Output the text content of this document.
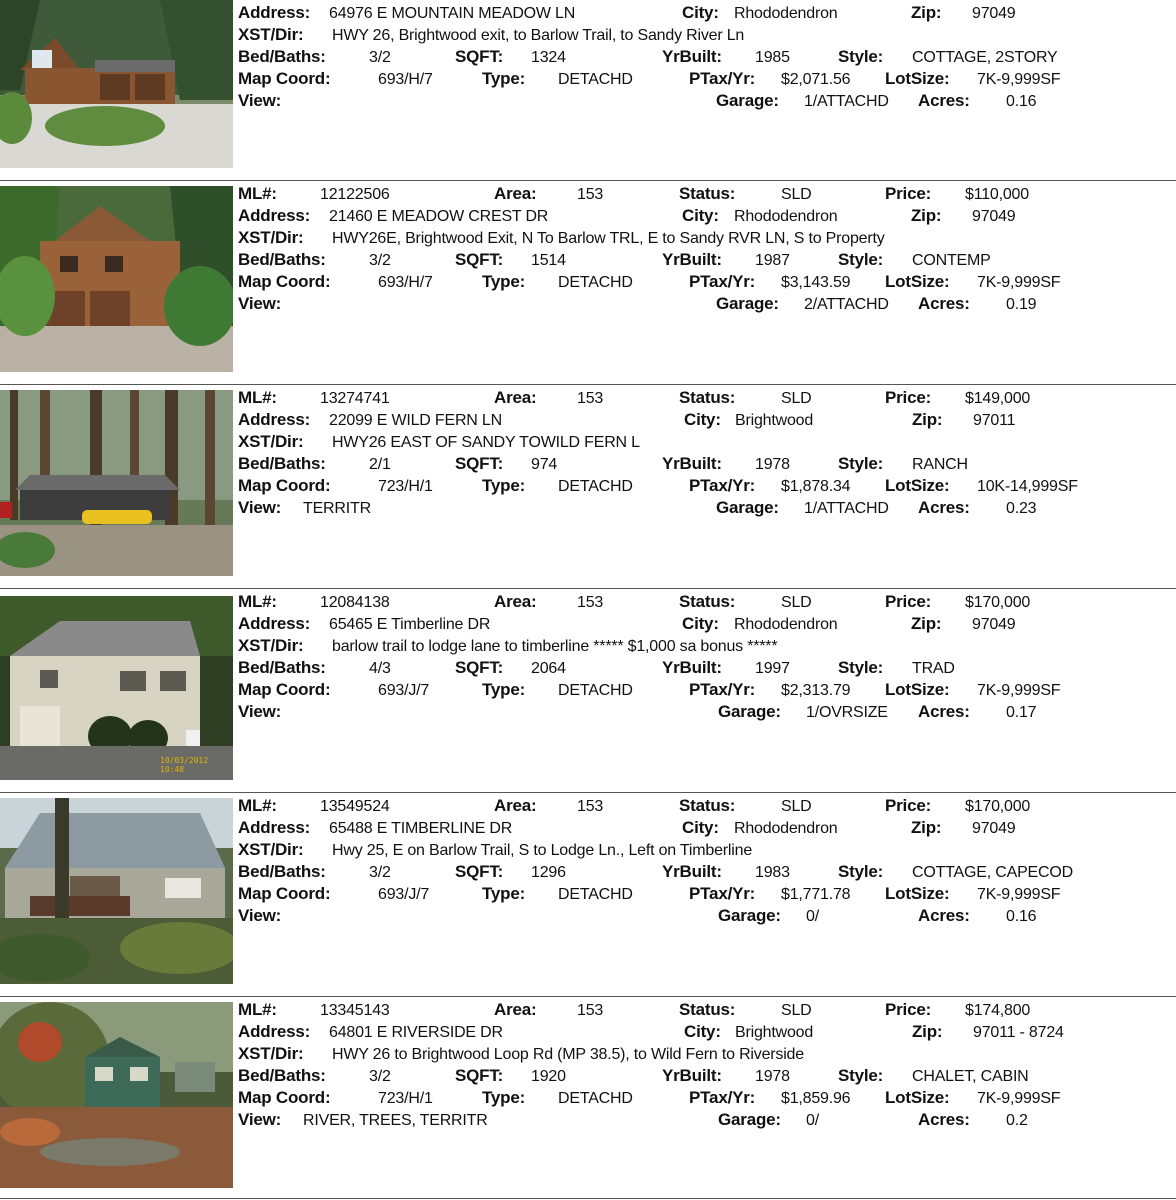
Address: 64976 E MOUNTAIN MEADOW LN	City: Rhododendron	Zip: 97049
XST/Dir: HWY 26, Brightwood exit, to Barlow Trail, to Sandy River Ln
Bed/Baths:	3/2	SQFT: 1324	YrBuilt: 1985	Style: COTTAGE, 2STORY
Map Coord:	693/H/7	Type: DETACHD	PTax/Yr: $2,071.56 LotSize: 7K-9,999SF
View:	Garage: 1/ATTACHD Acres: 0.16
ML#:	12122506	Area:	153	Status:	SLD	Price: $110,000
Address: 21460 E MEADOW CREST DR	City: Rhododendron	Zip: 97049
XST/Dir: HWY26E, Brightwood Exit, N To Barlow TRL, E to Sandy RVR LN, S to Property
Bed/Baths:	3/2	SQFT: 1514	YrBuilt: 1987	Style: CONTEMP
Map Coord:	693/H/7	Type: DETACHD	PTax/Yr: $3,143.59 LotSize: 7K-9,999SF
View:	Garage: 2/ATTACHD Acres: 0.19
ML#:	13274741	Area:	153	Status:	SLD	Price: $149,000
Address: 22099 E WILD FERN LN	City: Brightwood	Zip: 97011
XST/Dir: HWY26 EAST OF SANDY TOWILD FERN L
Bed/Baths:	2/1	SQFT: 974	YrBuilt: 1978	Style: RANCH
Map Coord:	723/H/1	Type: DETACHD	PTax/Yr: $1,878.34 LotSize: 10K-14,999SF
View: TERRITR	Garage: 1/ATTACHD Acres: 0.23
10/03/2012 10:48
ML#:	12084138	Area:	153	Status:	SLD	Price: $170,000
Address: 65465 E Timberline DR	City: Rhododendron	Zip: 97049
XST/Dir: barlow trail to lodge lane to timberline ***** $1,000 sa bonus *****
Bed/Baths:	4/3	SQFT: 2064	YrBuilt: 1997	Style: TRAD
Map Coord:	693/J/7	Type: DETACHD	PTax/Yr: $2,313.79 LotSize: 7K-9,999SF
View:	Garage: 1/OVRSIZE Acres: 0.17
ML#:	13549524	Area:	153	Status:	SLD	Price: $170,000
Address: 65488 E TIMBERLINE DR	City: Rhododendron	Zip: 97049
XST/Dir: Hwy 25, E on Barlow Trail, S to Lodge Ln., Left on Timberline
Bed/Baths:	3/2	SQFT: 1296	YrBuilt: 1983	Style: COTTAGE, CAPECOD
Map Coord:	693/J/7	Type: DETACHD	PTax/Yr: $1,771.78 LotSize: 7K-9,999SF
View:	Garage: 0/	Acres: 0.16
ML#:	13345143	Area:	153	Status:	SLD	Price: $174,800
Address: 64801 E RIVERSIDE DR	City: Brightwood	Zip: 97011 - 8724
XST/Dir: HWY 26 to Brightwood Loop Rd (MP 38.5), to Wild Fern to Riverside
Bed/Baths:	3/2	SQFT: 1920	YrBuilt: 1978	Style: CHALET, CABIN
Map Coord:	723/H/1	Type: DETACHD	PTax/Yr: $1,859.96 LotSize: 7K-9,999SF
View: RIVER, TREES, TERRITR	Garage: 0/	Acres: 0.2
